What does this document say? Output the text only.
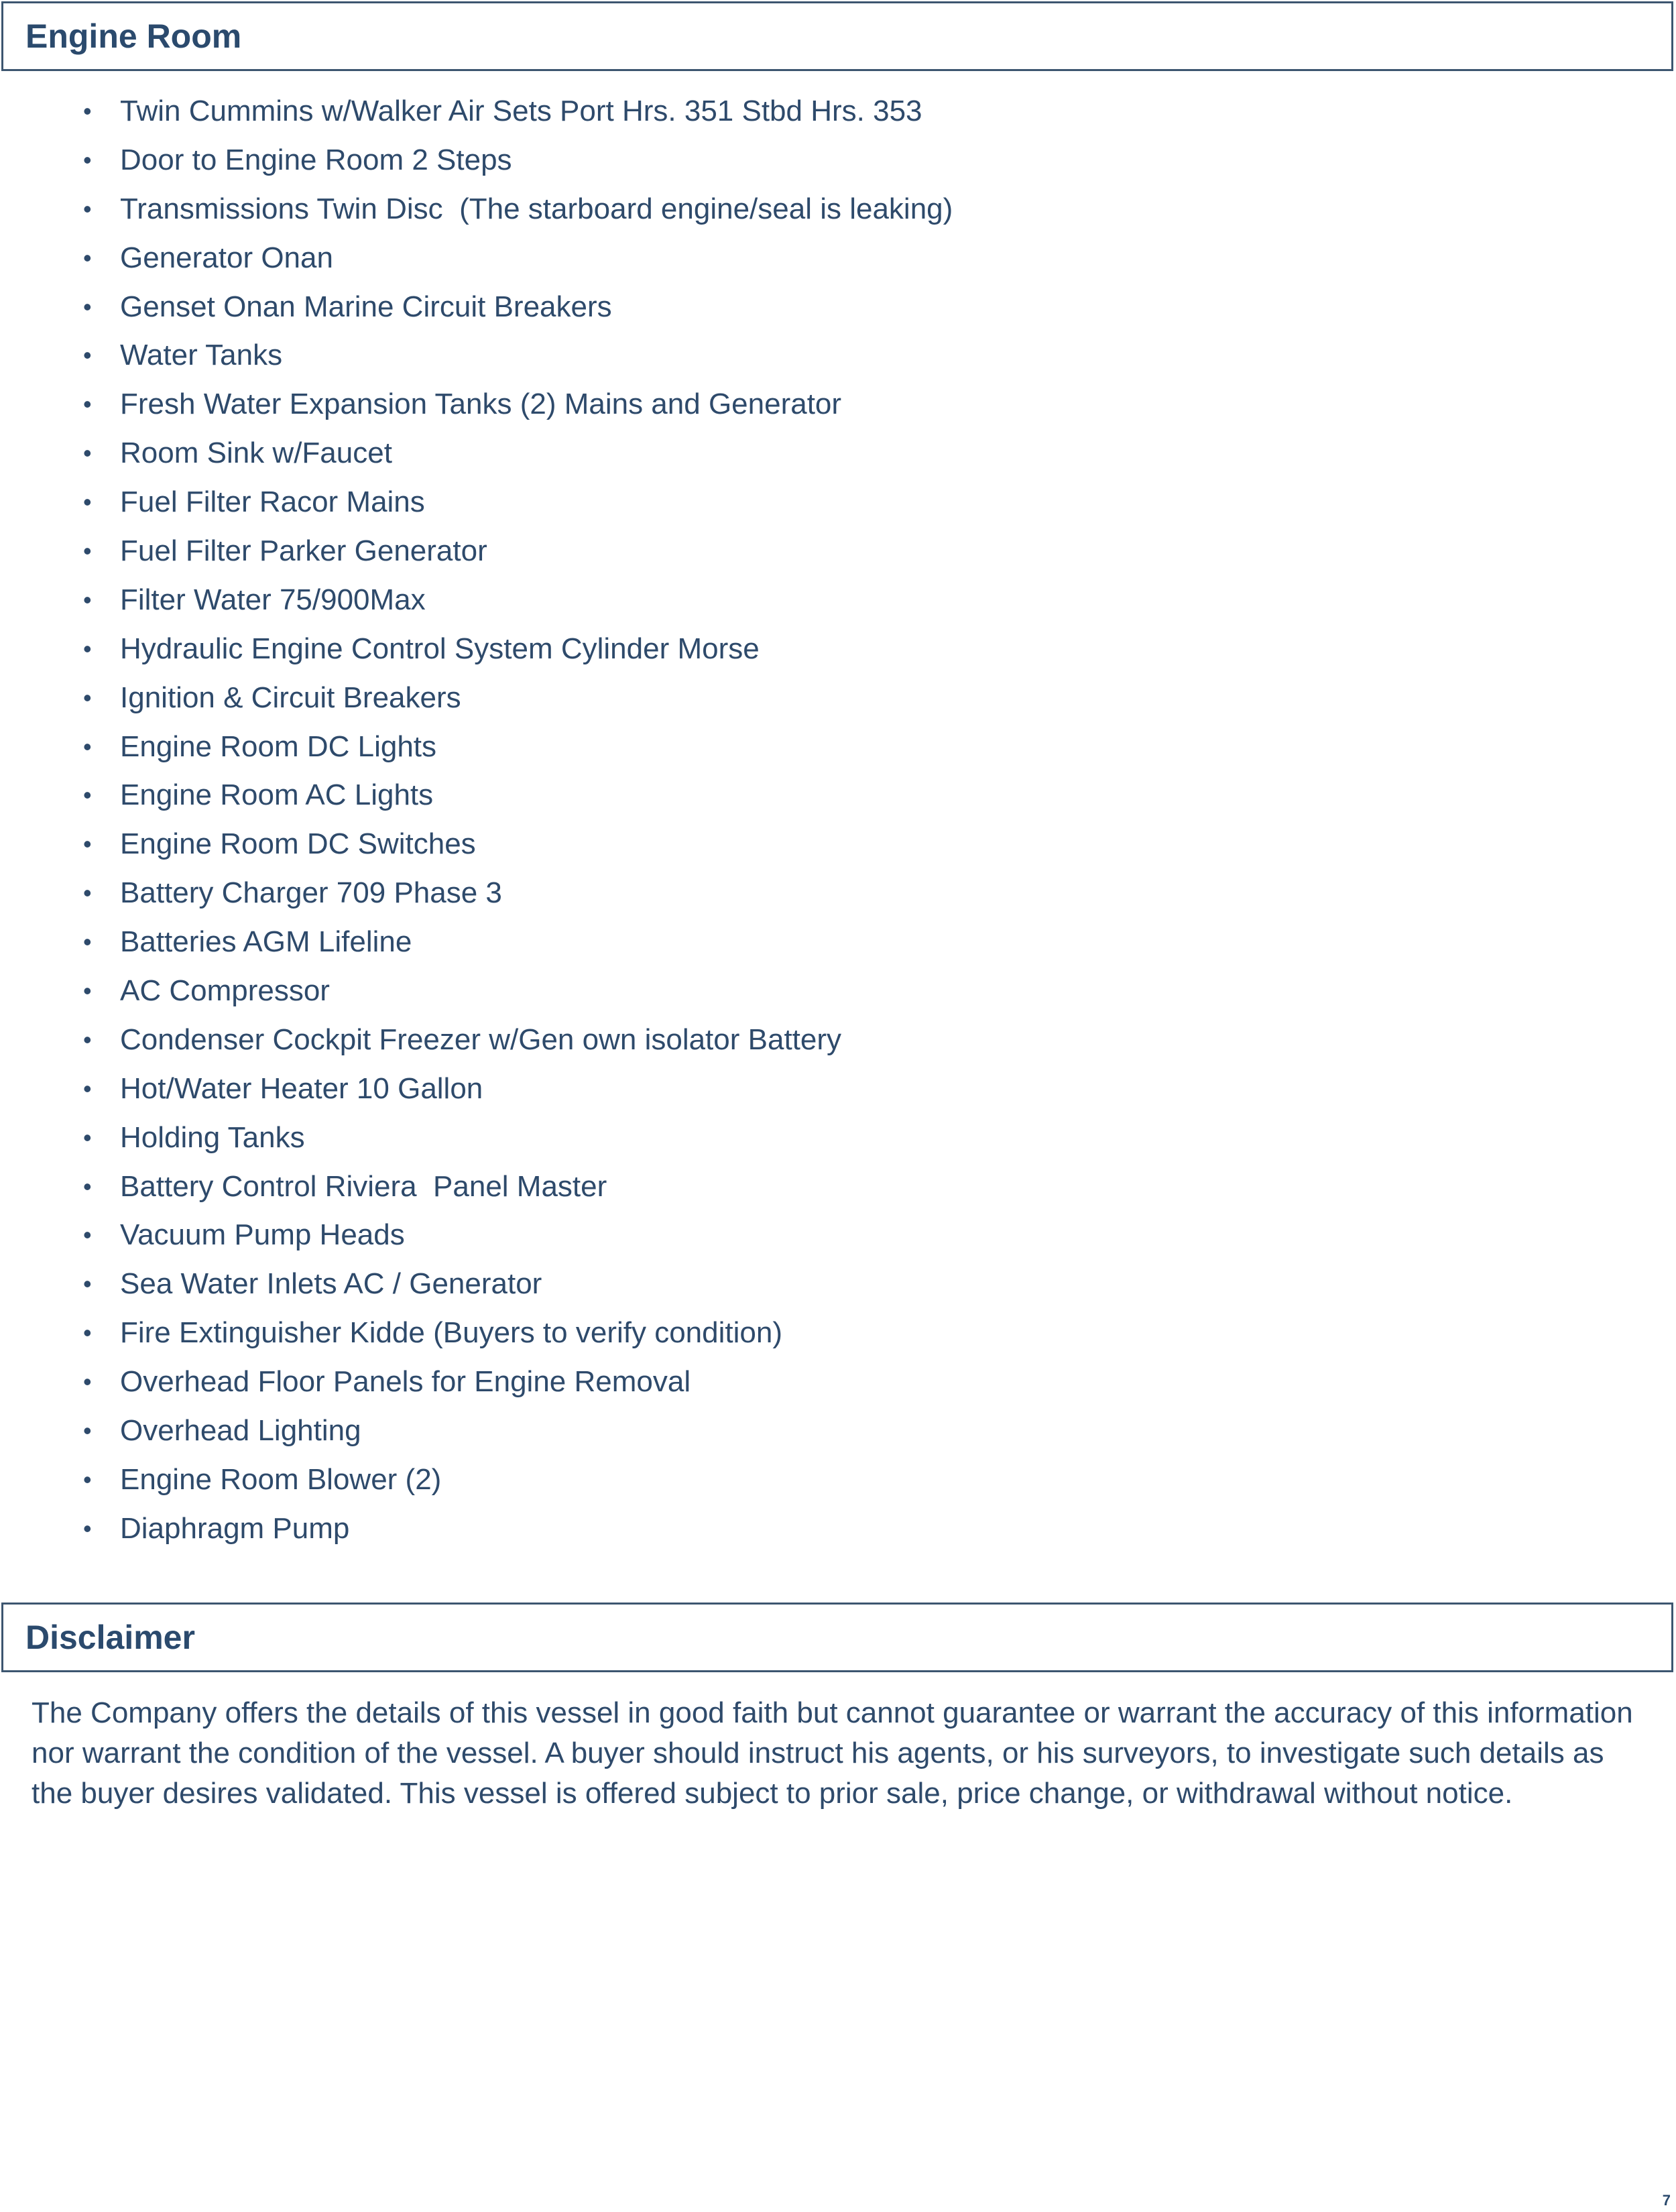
Engine Room
• Twin Cummins w/Walker Air Sets Port Hrs. 351 Stbd Hrs. 353
• Door to Engine Room 2 Steps
• Transmissions Twin Disc  (The starboard engine/seal is leaking)
• Generator Onan
• Genset Onan Marine Circuit Breakers
• Water Tanks
• Fresh Water Expansion Tanks (2) Mains and Generator
• Room Sink w/Faucet
• Fuel Filter Racor Mains
• Fuel Filter Parker Generator
• Filter Water 75/900Max
• Hydraulic Engine Control System Cylinder Morse
• Ignition & Circuit Breakers
• Engine Room DC Lights
• Engine Room AC Lights
• Engine Room DC Switches
• Battery Charger 709 Phase 3
• Batteries AGM Lifeline
• AC Compressor
• Condenser Cockpit Freezer w/Gen own isolator Battery
• Hot/Water Heater 10 Gallon
• Holding Tanks
• Battery Control Riviera  Panel Master
• Vacuum Pump Heads
• Sea Water Inlets AC / Generator
• Fire Extinguisher Kidde (Buyers to verify condition)
• Overhead Floor Panels for Engine Removal
• Overhead Lighting
• Engine Room Blower (2)
• Diaphragm Pump
Disclaimer
The Company offers the details of this vessel in good faith but cannot guarantee or warrant the accuracy of this information nor warrant the condition of the vessel. A buyer should instruct his agents, or his surveyors, to investigate such details as the buyer desires validated. This vessel is offered subject to prior sale, price change, or withdrawal without notice.
7
